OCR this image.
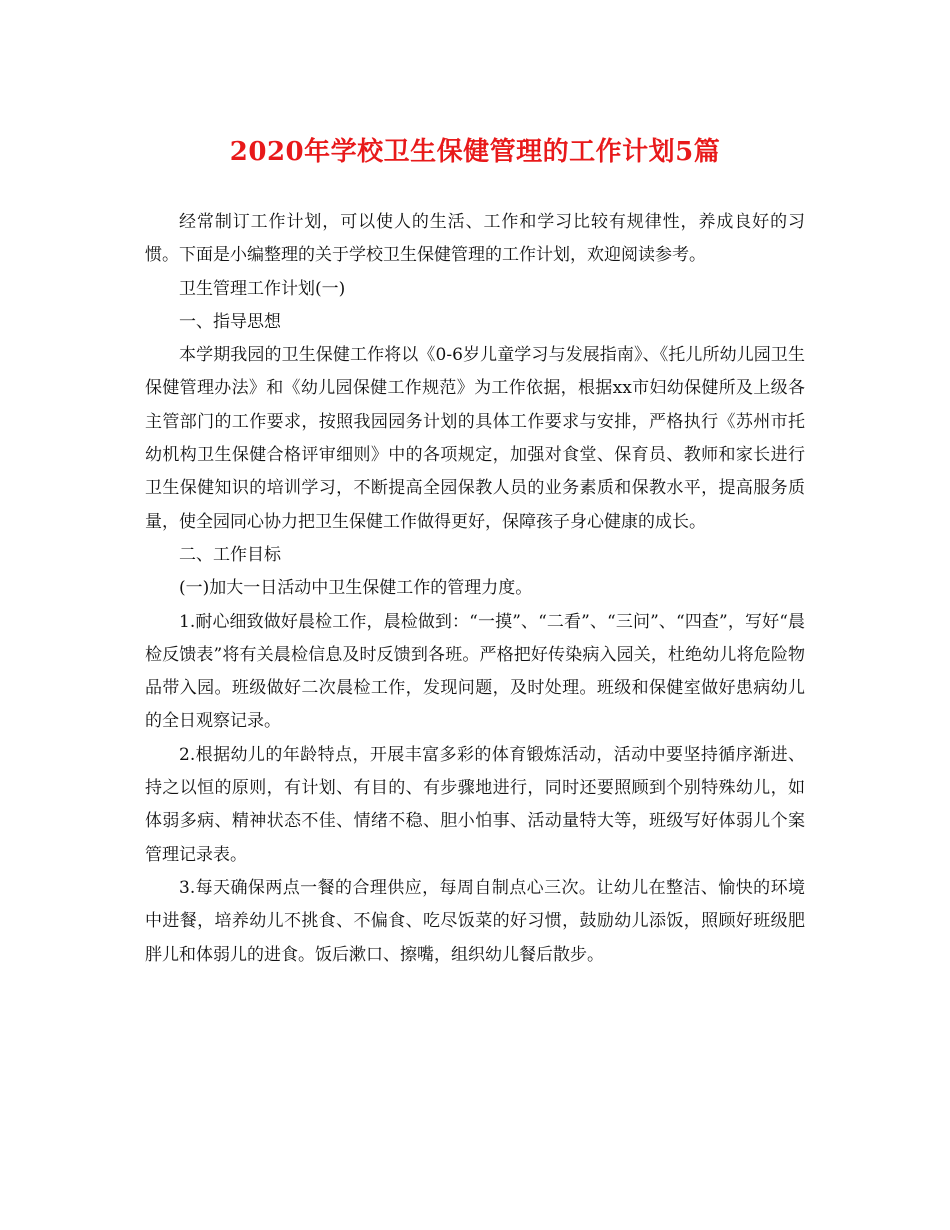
2020年学校卫生保健管理的工作计划5篇

经常制订工作计划，可以使人的生活、工作和学习比较有规律性，养成良好的习惯。下面是小编整理的关于学校卫生保健管理的工作计划，欢迎阅读参考。

卫生管理工作计划(一)

一、指导思想

本学期我园的卫生保健工作将以《0-6岁儿童学习与发展指南》、《托儿所幼儿园卫生保健管理办法》和《幼儿园保健工作规范》为工作依据，根据xx市妇幼保健所及上级各主管部门的工作要求，按照我园园务计划的具体工作要求与安排，严格执行《苏州市托幼机构卫生保健合格评审细则》中的各项规定，加强对食堂、保育员、教师和家长进行卫生保健知识的培训学习，不断提高全园保教人员的业务素质和保教水平，提高服务质量，使全园同心协力把卫生保健工作做得更好，保障孩子身心健康的成长。

二、工作目标

(一)加大一日活动中卫生保健工作的管理力度。

1.耐心细致做好晨检工作，晨检做到：“一摸”、“二看”、“三问”、“四查”，写好“晨检反馈表”将有关晨检信息及时反馈到各班。严格把好传染病入园关，杜绝幼儿将危险物品带入园。班级做好二次晨检工作，发现问题，及时处理。班级和保健室做好患病幼儿的全日观察记录。

2.根据幼儿的年龄特点，开展丰富多彩的体育锻炼活动，活动中要坚持循序渐进、持之以恒的原则，有计划、有目的、有步骤地进行，同时还要照顾到个别特殊幼儿，如体弱多病、精神状态不佳、情绪不稳、胆小怕事、活动量特大等，班级写好体弱儿个案管理记录表。

3.每天确保两点一餐的合理供应，每周自制点心三次。让幼儿在整洁、愉快的环境中进餐，培养幼儿不挑食、不偏食、吃尽饭菜的好习惯，鼓励幼儿添饭，照顾好班级肥胖儿和体弱儿的进食。饭后漱口、擦嘴，组织幼儿餐后散步。
